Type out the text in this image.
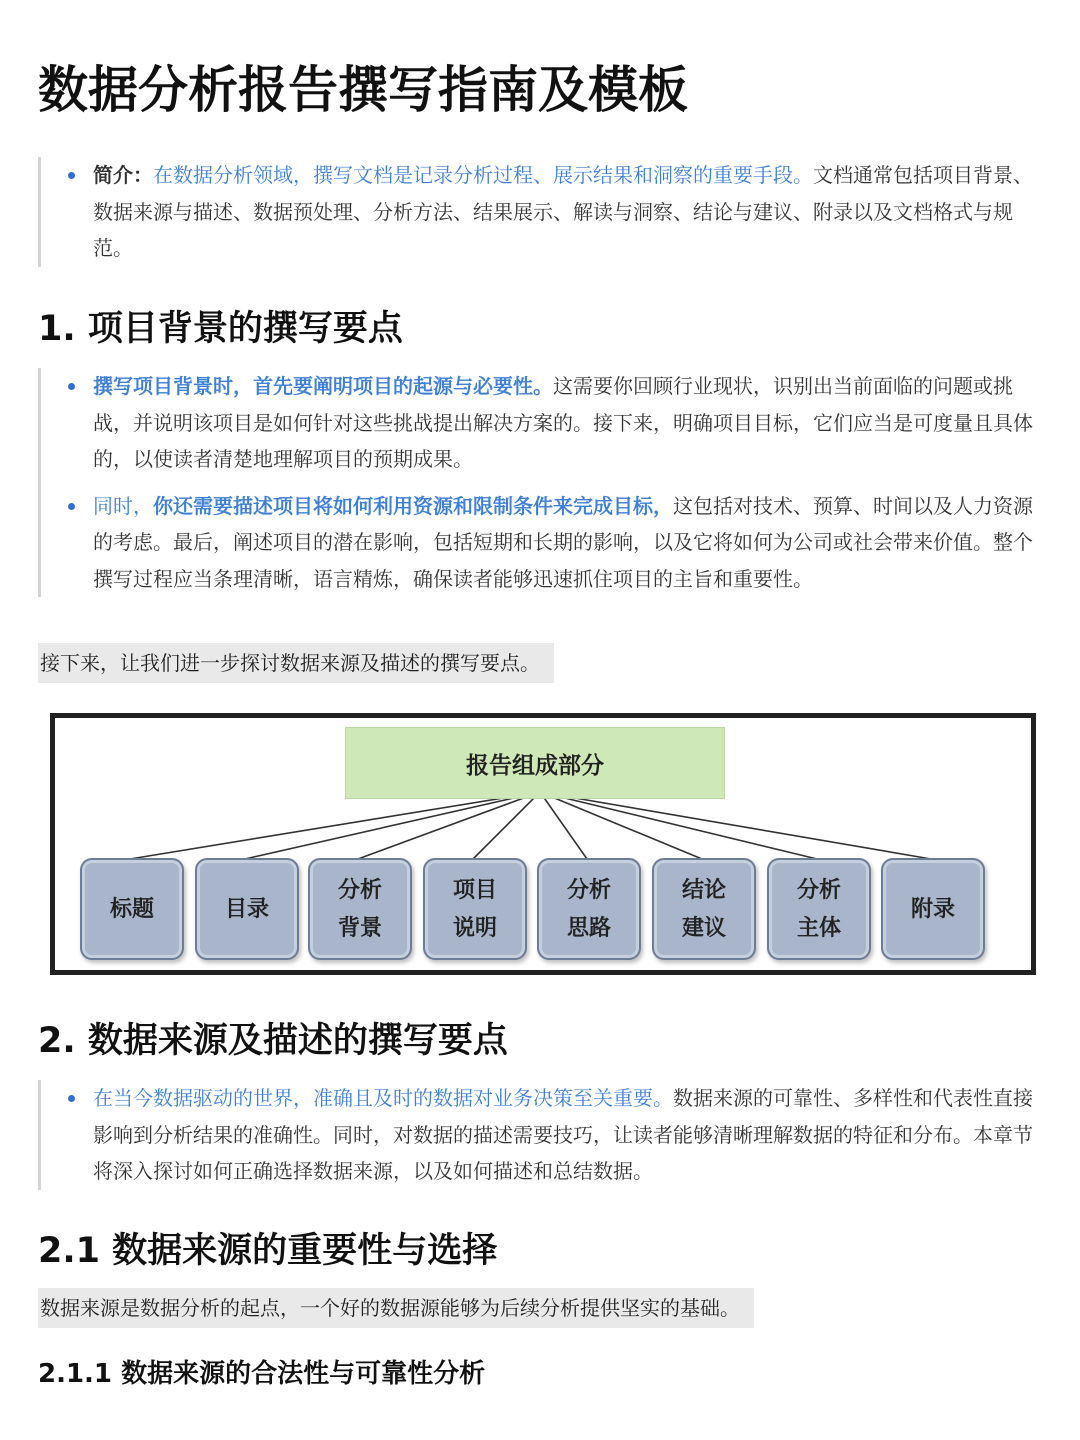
数据分析报告撰写指南及模板
简介：在数据分析领域，撰写文档是记录分析过程、展示结果和洞察的重要手段。文档通常包括项目背景、数据来源与描述、数据预处理、分析方法、结果展示、解读与洞察、结论与建议、附录以及文档格式与规范。
1. 项目背景的撰写要点
撰写项目背景时，首先要阐明项目的起源与必要性。这需要你回顾行业现状，识别出当前面临的问题或挑战，并说明该项目是如何针对这些挑战提出解决方案的。接下来，明确项目目标，它们应当是可度量且具体的，以使读者清楚地理解项目的预期成果。
同时，你还需要描述项目将如何利用资源和限制条件来完成目标，这包括对技术、预算、时间以及人力资源的考虑。最后，阐述项目的潜在影响，包括短期和长期的影响，以及它将如何为公司或社会带来价值。整个撰写过程应当条理清晰，语言精炼，确保读者能够迅速抓住项目的主旨和重要性。
接下来，让我们进一步探讨数据来源及描述的撰写要点。
报告组成部分
标题	目录
分析
背景
项目
说明
分析
思路
结论
建议
分析
主体
附录
2. 数据来源及描述的撰写要点
在当今数据驱动的世界，准确且及时的数据对业务决策至关重要。数据来源的可靠性、多样性和代表性直接影响到分析结果的准确性。同时，对数据的描述需要技巧，让读者能够清晰理解数据的特征和分布。本章节将深入探讨如何正确选择数据来源，以及如何描述和总结数据。
2.1 数据来源的重要性与选择
数据来源是数据分析的起点，一个好的数据源能够为后续分析提供坚实的基础。
2.1.1 数据来源的合法性与可靠性分析
